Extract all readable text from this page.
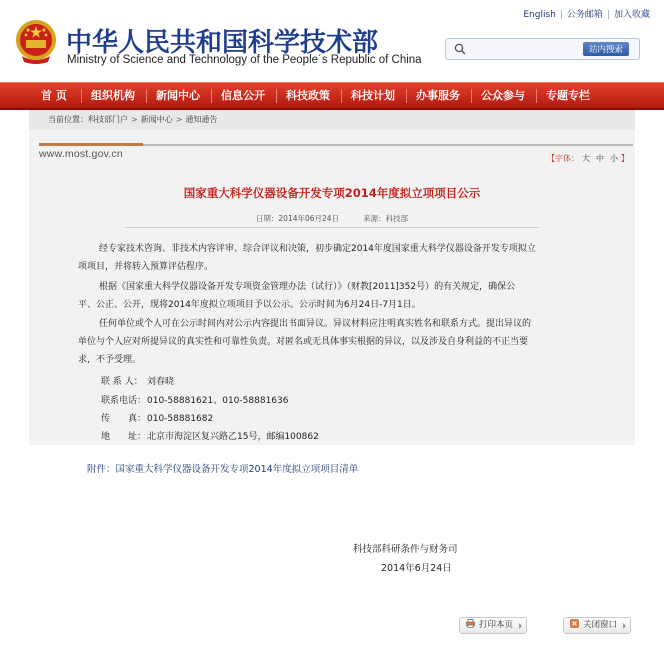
中华人民共和国科学技术部
Ministry of Science and Technology of the People´s Republic of China
English | 公务邮箱 | 加入收藏
站内搜索
首 页 组织机构 新闻中心 信息公开 科技政策 科技计划 办事服务 公众参与 专题专栏
当前位置：科技部门户 > 新闻中心 > 通知通告
www.most.gov.cn	【字体： 大 中 小 】
国家重大科学仪器设备开发专项2014年度拟立项项目公示
日期：2014年06月24日	来源：科技部
经专家技术咨询、非技术内容评审、综合评议和决策，初步确定2014年度国家重大科学仪器设备开发专项拟立
项项目，并将转入预算评估程序。
根据《国家重大科学仪器设备开发专项资金管理办法（试行）》（财教[2011]352号）的有关规定，确保公
平、公正、公开，现将2014年度拟立项项目予以公示。公示时间为6月24日-7月1日。
任何单位或个人可在公示时间内对公示内容提出书面异议。异议材料应注明真实姓名和联系方式。提出异议的
单位与个人应对所提异议的真实性和可靠性负责。对匿名或无具体事实根据的异议，以及涉及自身利益的不正当要
求，不予受理。
联 系 人： 刘春晓
联系电话：010-58881621、010-58881636
传　　真：010-58881682
地　　址：北京市海淀区复兴路乙15号，邮编100862
附件：国家重大科学仪器设备开发专项2014年度拟立项项目清单
科技部科研条件与财务司
2014年6月24日
打印本页	关闭窗口
